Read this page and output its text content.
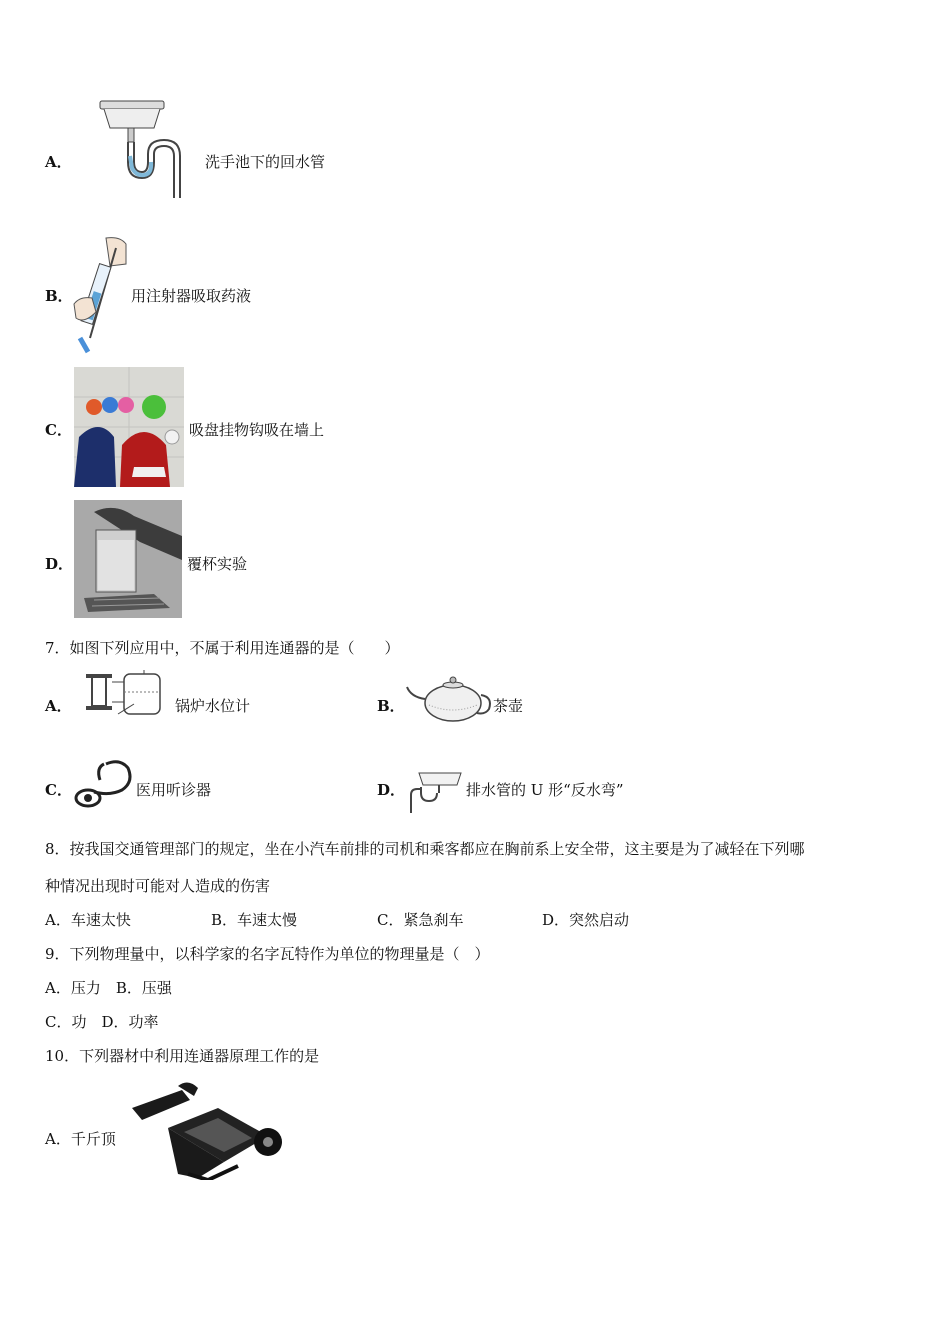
A．	洗手池下的回水管
B．	用注射器吸取药液
C．	吸盘挂物钩吸在墙上
D．	覆杯实验
7．如图下列应用中，不属于利用连通器的是（　　）
A．	锅炉水位计	B．	茶壶
C．	医用听诊器	D．	排水管的 U 形“反水弯”
8．按我国交通管理部门的规定，坐在小汽车前排的司机和乘客都应在胸前系上安全带，这主要是为了减轻在下列哪
种情况出现时可能对人造成的伤害
A．车速太快	B．车速太慢	C．紧急刹车	D．突然启动
9．下列物理量中，以科学家的名字瓦特作为单位的物理量是（　）
A．压力　B．压强
C．功　D．功率
10．下列器材中利用连通器原理工作的是
A．千斤顶
